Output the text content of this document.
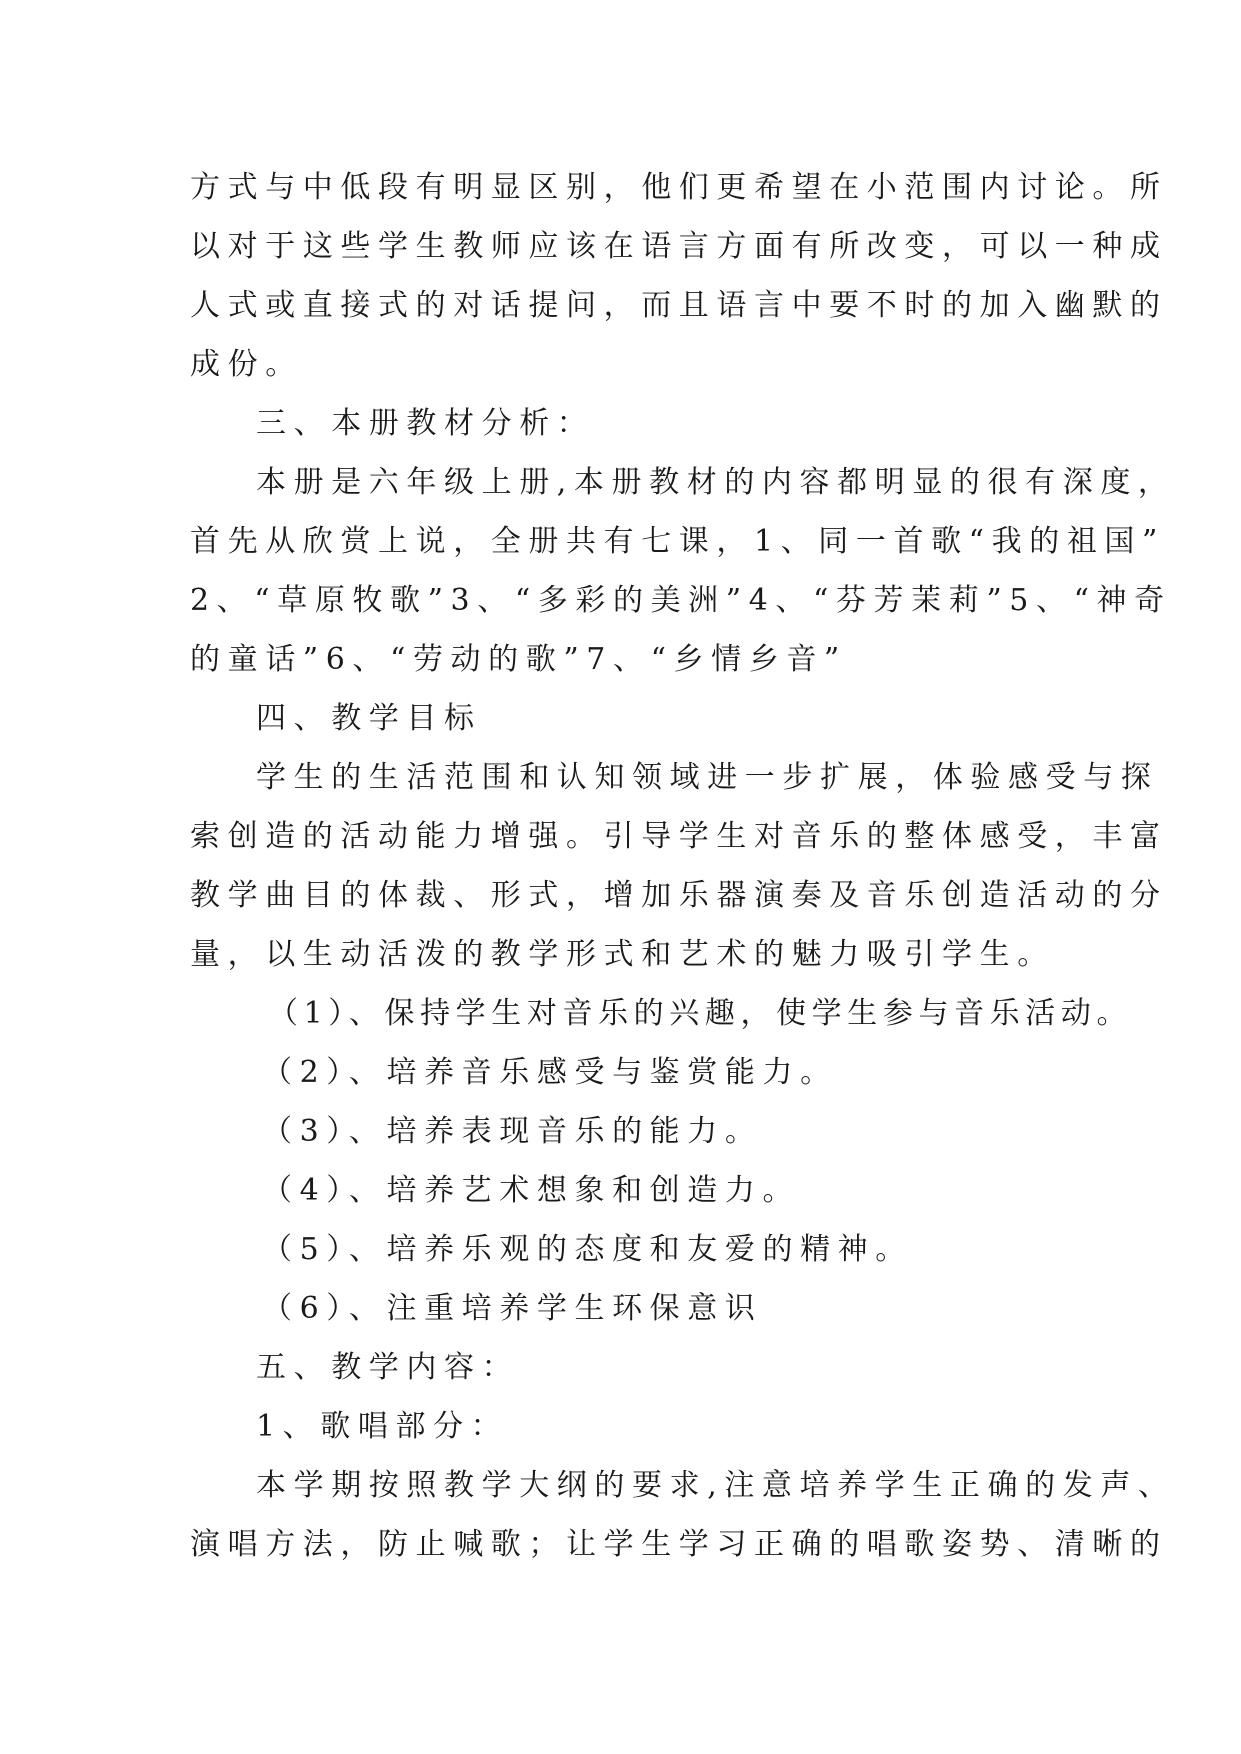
方式与中低段有明显区别，他们更希望在小范围内讨论。所
以对于这些学生教师应该在语言方面有所改变，可以一种成
人式或直接式的对话提问，而且语言中要不时的加入幽默的
成份。
三、本册教材分析：
本册是六年级上册,本册教材的内容都明显的很有深度，
首先从欣赏上说，全册共有七课，1、同一首歌“我的祖国”
2、“草原牧歌”3、“多彩的美洲”4、“芬芳茉莉”5、“神奇
的童话”6、“劳动的歌”7、“乡情乡音”
四、教学目标
学生的生活范围和认知领域进一步扩展，体验感受与探
索创造的活动能力增强。引导学生对音乐的整体感受，丰富
教学曲目的体裁、形式，增加乐器演奏及音乐创造活动的分
量，以生动活泼的教学形式和艺术的魅力吸引学生。
（1）、保持学生对音乐的兴趣，使学生参与音乐活动。
（2）、培养音乐感受与鉴赏能力。
（3）、培养表现音乐的能力。
（4）、培养艺术想象和创造力。
（5）、培养乐观的态度和友爱的精神。
（6）、注重培养学生环保意识
五、教学内容：
1、歌唱部分：
本学期按照教学大纲的要求,注意培养学生正确的发声、
演唱方法，防止喊歌；让学生学习正确的唱歌姿势、清晰的
